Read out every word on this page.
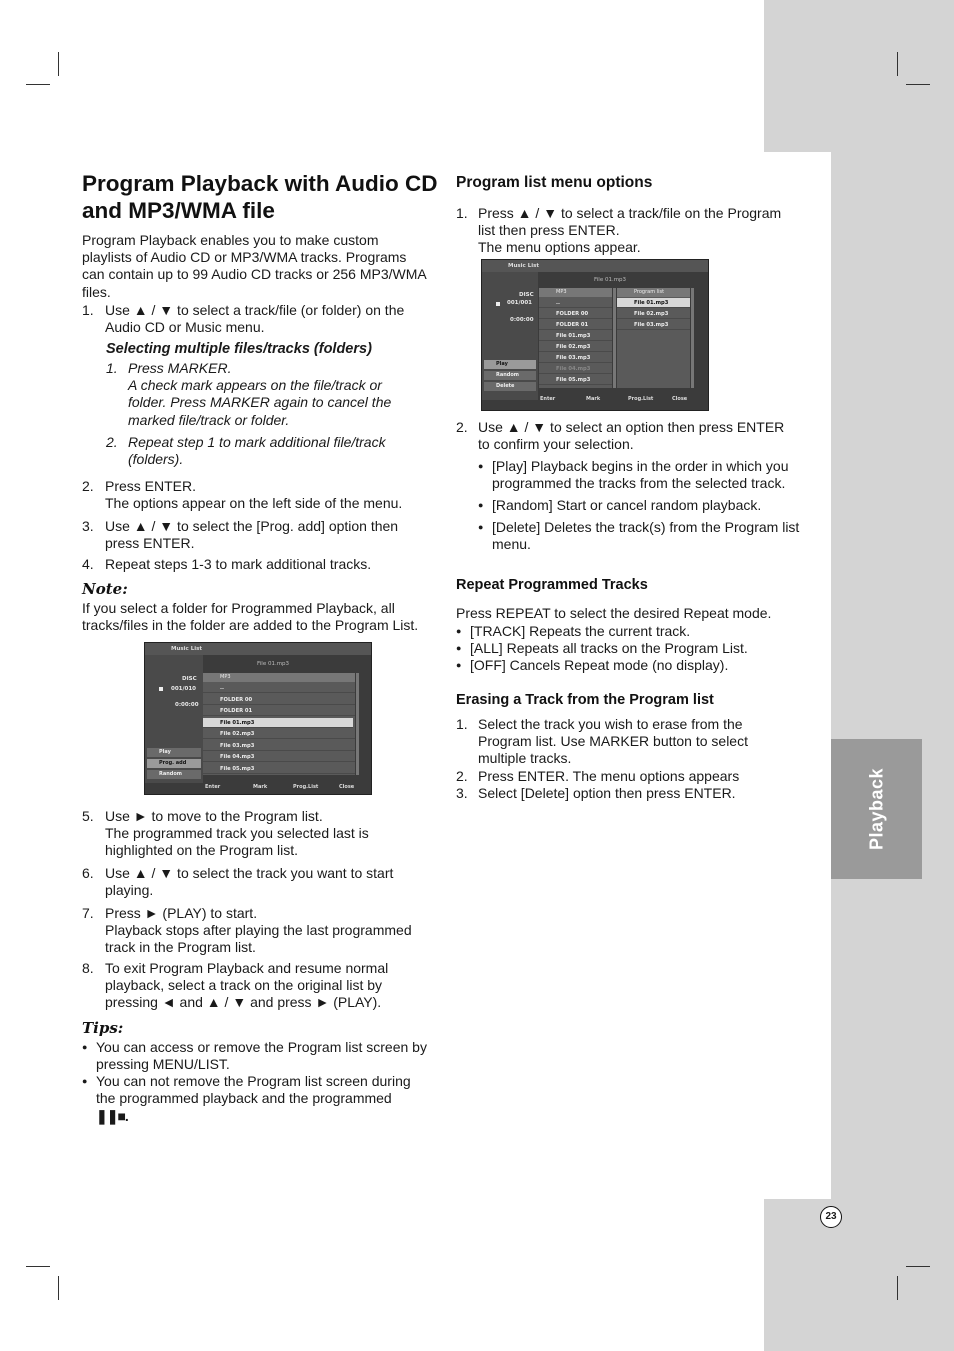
Playback
23
Program Playback with Audio CD and MP3/WMA file
Program Playback enables you to make custom playlists of Audio CD or MP3/WMA tracks. Programs can contain up to 99 Audio CD tracks or 256 MP3/WMA files.
1. Use ▲ / ▼ to select a track/file (or folder) on the Audio CD or Music menu.
Selecting multiple files/tracks (folders)
1. Press MARKER.
A check mark appears on the file/track or folder. Press MARKER again to cancel the marked file/track or folder.
2. Repeat step 1 to mark additional file/track (folders).
2. Press ENTER.
The options appear on the left side of the menu.
3. Use ▲ / ▼ to select the [Prog. add] option then press ENTER.
4. Repeat steps 1-3 to mark additional tracks.
Note:
If you select a folder for Programmed Playback, all tracks/files in the folder are added to the Program List.
Music List
File 01.mp3
DISC
001/010
0:00:00
Play
Prog. add
Random
MP3
..
FOLDER 00
FOLDER 01
File 01.mp3
File 02.mp3
File 03.mp3
File 04.mp3
File 05.mp3
Enter	Mark	Prog.List	Close
5. Use ► to move to the Program list.
The programmed track you selected last is highlighted on the Program list.
6. Use ▲ / ▼ to select the track you want to start playing.
7. Press ► (PLAY) to start.
Playback stops after playing the last programmed track in the Program list.
8. To exit Program Playback and resume normal playback, select a track on the original list by pressing ◄ and ▲ / ▼ and press ► (PLAY).
Tips:
● You can access or remove the Program list screen by pressing MENU/LIST.
● You can not remove the Program list screen during the programmed playback and the programmed
❚❚■.
Program list menu options
1. Press ▲ / ▼ to select a track/file on the Program list then press ENTER.
The menu options appear.
Music List
File 01.mp3
DISC
001/001
0:00:00
Play
Random
Delete
MP3
..
FOLDER 00
FOLDER 01
File 01.mp3
File 02.mp3
File 03.mp3
File 04.mp3
File 05.mp3
Program list
File 01.mp3
File 02.mp3
File 03.mp3
Enter	Mark	Prog.List	Close
2. Use ▲ / ▼ to select an option then press ENTER to confirm your selection.
● [Play] Playback begins in the order in which you programmed the tracks from the selected track.
● [Random] Start or cancel random playback.
● [Delete] Deletes the track(s) from the Program list menu.
Repeat Programmed Tracks
Press REPEAT to select the desired Repeat mode.
● [TRACK] Repeats the current track.
● [ALL] Repeats all tracks on the Program List.
● [OFF] Cancels Repeat mode (no display).
Erasing a Track from the Program list
1. Select the track you wish to erase from the Program list. Use MARKER button to select multiple tracks.
2. Press ENTER. The menu options appears
3. Select [Delete] option then press ENTER.
